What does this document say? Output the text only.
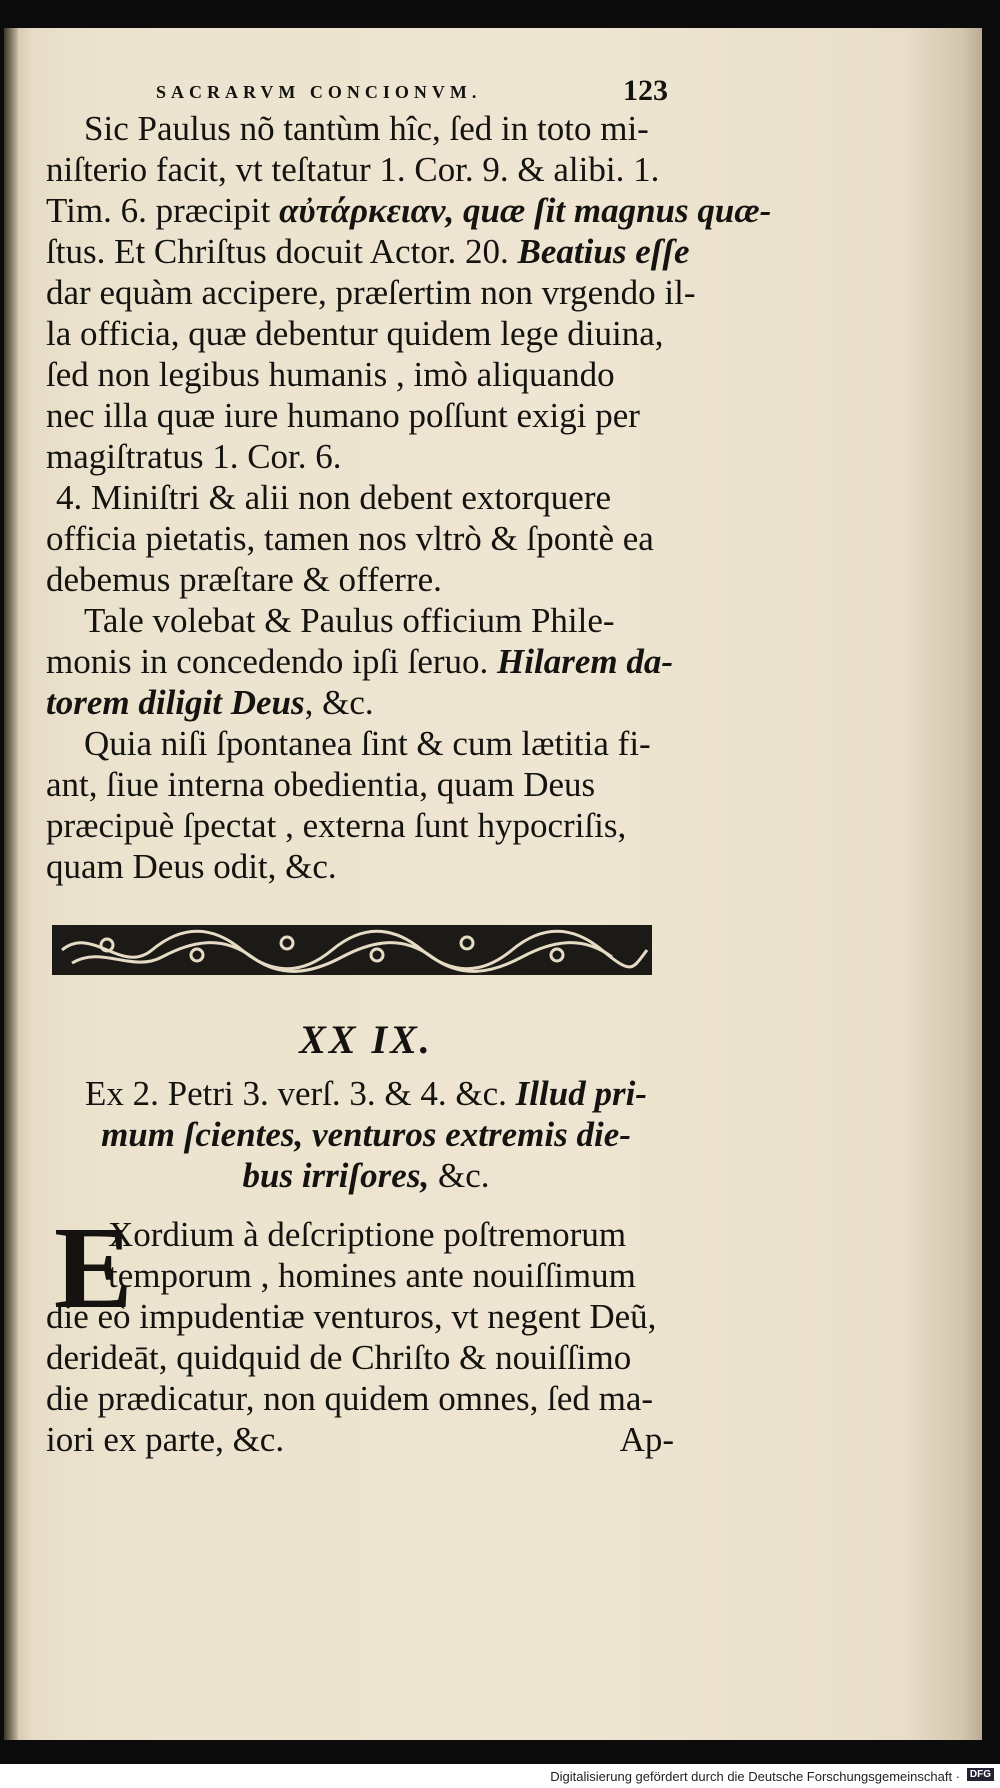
SACRARVM CONCIONVM.	123

Sic Paulus nõ tantùm hîc, ſed in toto mi-

niſterio facit, vt teſtatur 1. Cor. 9. & alibi. 1.

Tim. 6. præcipit αὐτάρκειαν, quæ ſit magnus quæ-

ſtus. Et Chriſtus docuit Actor. 20. Beatius eſſe

dar equàm accipere, præſertim non vrgendo il-

la officia, quæ debentur quidem lege diuina,

ſed non legibus humanis , imò aliquando

nec illa quæ iure humano poſſunt exigi per

magiſtratus 1. Cor. 6.

4. Miniſtri & alii non debent extorquere

officia pietatis, tamen nos vltrò & ſpontè ea

debemus præſtare & offerre.

Tale volebat & Paulus officium Phile-

monis in concedendo ipſi ſeruo. Hilarem da-

torem diligit Deus, &c.

Quia niſi ſpontanea ſint & cum lætitia fi-

ant, ſiue interna obedientia, quam Deus

præcipuè ſpectat , externa ſunt hypocriſis,

quam Deus odit, &c.

XX IX.

Ex 2. Petri 3. verſ. 3. & 4. &c. Illud pri-

mum ſcientes, venturos extremis die-

bus irriſores, &c.

E

Xordium à deſcriptione poſtremorum

temporum , homines ante nouiſſimum

die eò impudentiæ venturos, vt negent Deũ,

derideāt, quidquid de Chriſto & nouiſſimo

die prædicatur, non quidem omnes, ſed ma-

iori ex parte, &c.	Ap-

Digitalisierung gefördert durch die Deutsche Forschungsgemeinschaft · DFG
